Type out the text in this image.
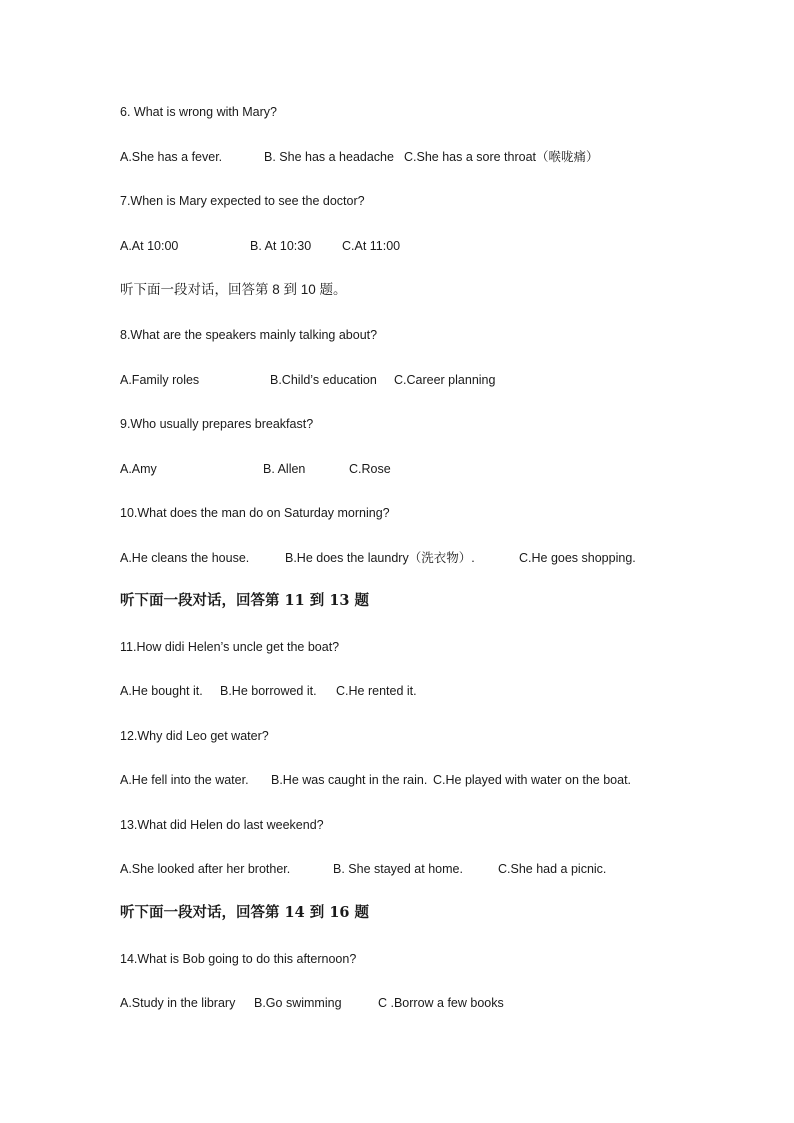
6. What is wrong with Mary?
A.She has a fever.	B. She has a headache C.She has a sore throat（喉咙痛）
7.When is Mary expected to see the doctor?
A.At 10:00	B. At 10:30 C.At 11:00
听下面一段对话，回答第 8 到 10 题。
8.What are the speakers mainly talking about?
A.Family roles	B.Child’s education C.Career planning
9.Who usually prepares breakfast?
A.Amy	B. Allen	C.Rose
10.What does the man do on Saturday morning?
A.He cleans the house.	B.He does the laundry（洗衣物）.	C.He goes shopping.
听下面一段对话，回答第 11 到 13 题
11.How didi Helen’s uncle get the boat?
A.He bought it. B.He borrowed it. C.He rented it.
12.Why did Leo get water?
A.He fell into the water. B.He was caught in the rain. C.He played with water on the boat.
13.What did Helen do last weekend?
A.She looked after her brother.	B. She stayed at home.	C.She had a picnic.
听下面一段对话，回答第 14 到 16 题
14.What is Bob going to do this afternoon?
A.Study in the library B.Go swimming	C .Borrow a few books
